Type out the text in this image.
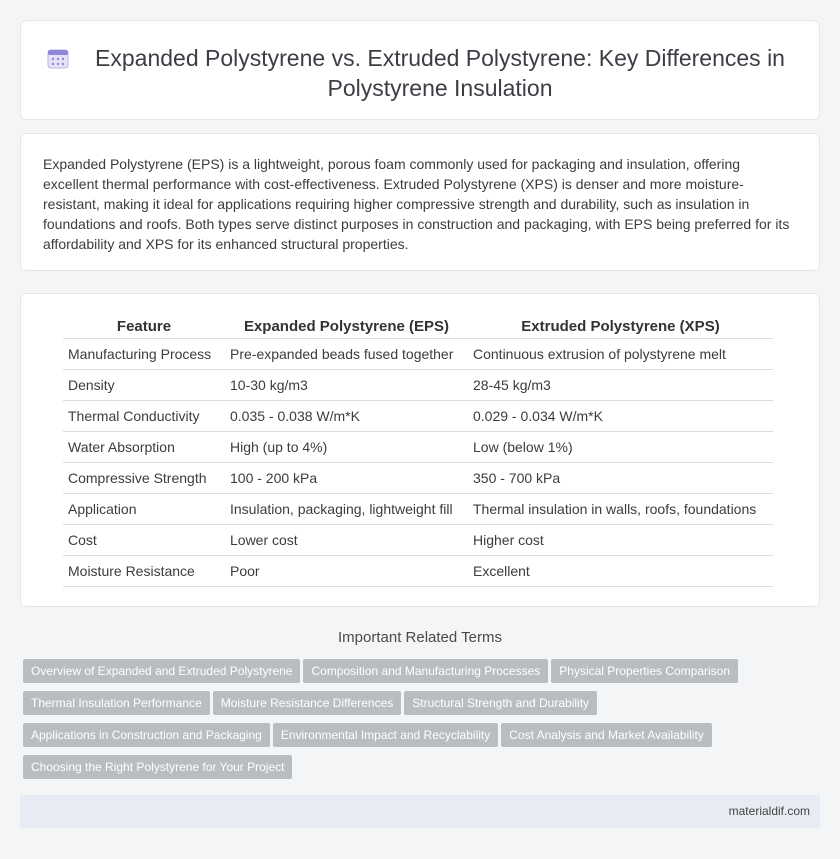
Expanded Polystyrene vs. Extruded Polystyrene: Key Differences in Polystyrene Insulation

Expanded Polystyrene (EPS) is a lightweight, porous foam commonly used for packaging and insulation, offering excellent thermal performance with cost-effectiveness. Extruded Polystyrene (XPS) is denser and more moisture-resistant, making it ideal for applications requiring higher compressive strength and durability, such as insulation in foundations and roofs. Both types serve distinct purposes in construction and packaging, with EPS being preferred for its affordability and XPS for its enhanced structural properties.

Feature	Expanded Polystyrene (EPS)	Extruded Polystyrene (XPS)
Manufacturing Process	Pre-expanded beads fused together	Continuous extrusion of polystyrene melt
Density	10-30 kg/m3	28-45 kg/m3
Thermal Conductivity	0.035 - 0.038 W/m*K	0.029 - 0.034 W/m*K
Water Absorption	High (up to 4%)	Low (below 1%)
Compressive Strength	100 - 200 kPa	350 - 700 kPa
Application	Insulation, packaging, lightweight fill	Thermal insulation in walls, roofs, foundations
Cost	Lower cost	Higher cost
Moisture Resistance	Poor	Excellent
Important Related Terms
Overview of Expanded and Extruded Polystyrene Composition and Manufacturing Processes Physical Properties ComparisonThermal Insulation Performance Moisture Resistance Differences Structural Strength and DurabilityApplications in Construction and Packaging Environmental Impact and Recyclability Cost Analysis and Market AvailabilityChoosing the Right Polystyrene for Your Project
materialdif.com
